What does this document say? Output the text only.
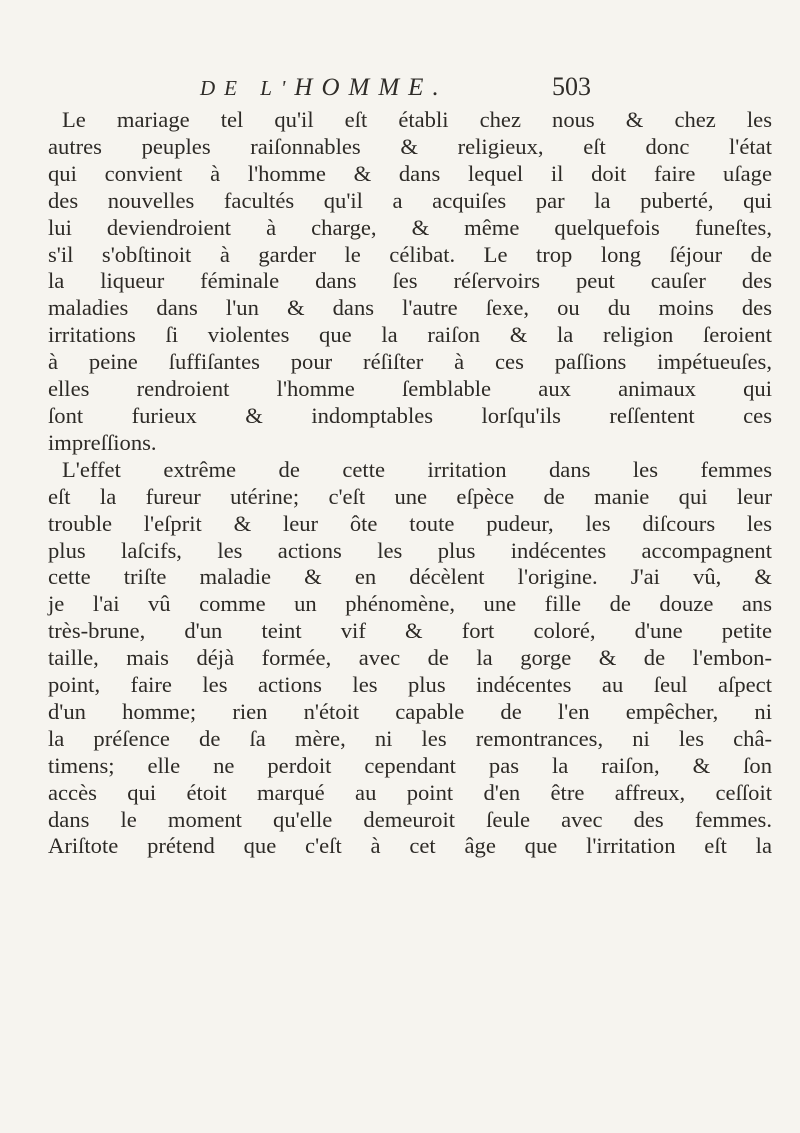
DE L'HOMME.	503

Le mariage tel qu'il eſt établi chez nous & chez les
autres peuples raiſonnables & religieux, eſt donc l'état
qui convient à l'homme & dans lequel il doit faire uſage
des nouvelles facultés qu'il a acquiſes par la puberté, qui
lui deviendroient à charge, & même quelquefois funeſtes,
s'il s'obſtinoit à garder le célibat. Le trop long ſéjour de
la liqueur féminale dans ſes réſervoirs peut cauſer des
maladies dans l'un & dans l'autre ſexe, ou du moins des
irritations ſi violentes que la raiſon & la religion ſeroient
à peine ſuffiſantes pour réſiſter à ces paſſions impétueuſes,
elles rendroient l'homme ſemblable aux animaux qui
ſont furieux & indomptables lorſqu'ils reſſentent ces
impreſſions.

L'effet extrême de cette irritation dans les femmes
eſt la fureur utérine; c'eſt une eſpèce de manie qui leur
trouble l'eſprit & leur ôte toute pudeur, les diſcours les
plus laſcifs, les actions les plus indécentes accompagnent
cette triſte maladie & en décèlent l'origine. J'ai vû, &
je l'ai vû comme un phénomène, une fille de douze ans
très-brune, d'un teint vif & fort coloré, d'une petite
taille, mais déjà formée, avec de la gorge & de l'embon-
point, faire les actions les plus indécentes au ſeul aſpect
d'un homme; rien n'étoit capable de l'en empêcher, ni
la préſence de ſa mère, ni les remontrances, ni les châ-
timens; elle ne perdoit cependant pas la raiſon, & ſon
accès qui étoit marqué au point d'en être affreux, ceſſoit
dans le moment qu'elle demeuroit ſeule avec des femmes.
Ariſtote prétend que c'eſt à cet âge que l'irritation eſt la
